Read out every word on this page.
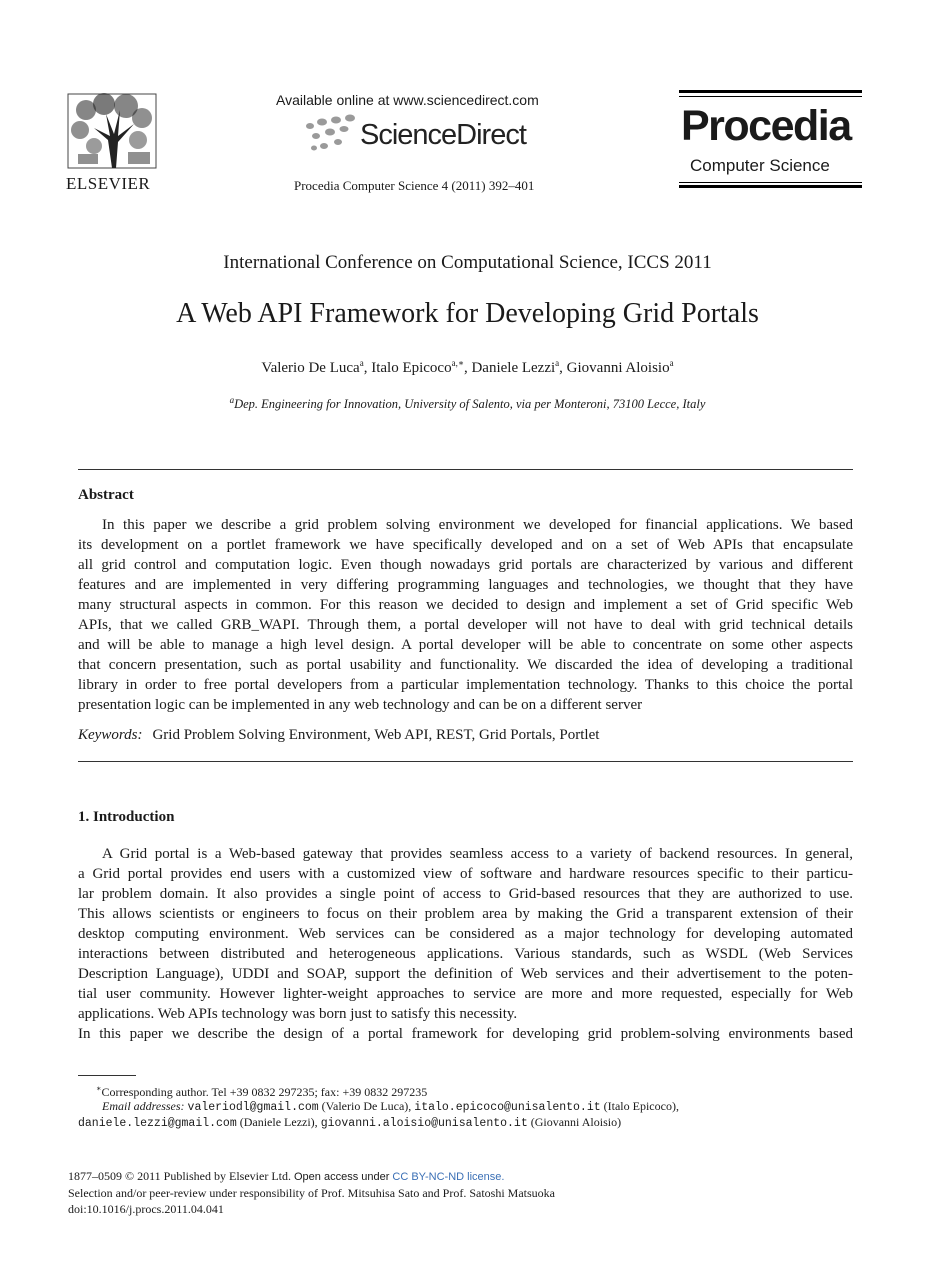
ELSEVIER
Available online at www.sciencedirect.com
ScienceDirect
Procedia Computer Science 4 (2011) 392–401
Procedia
Computer Science
International Conference on Computational Science, ICCS 2011
A Web API Framework for Developing Grid Portals
Valerio De Luca$^a$, Italo Epicoco$^{a,∗}$, Daniele Lezzi$^a$, Giovanni Aloisio$^a$
$^a$Dep. Engineering for Innovation, University of Salento, via per Monteroni, 73100 Lecce, Italy
Abstract
In this paper we describe a grid problem solving environment we developed for financial applications. We based
its development on a portlet framework we have specifically developed and on a set of Web APIs that encapsulate
all grid control and computation logic. Even though nowadays grid portals are characterized by various and different
features and are implemented in very differing programming languages and technologies, we thought that they have
many structural aspects in common. For this reason we decided to design and implement a set of Grid specific Web
APIs, that we called GRB_WAPI. Through them, a portal developer will not have to deal with grid technical details
and will be able to manage a high level design. A portal developer will be able to concentrate on some other aspects
that concern presentation, such as portal usability and functionality. We discarded the idea of developing a traditional
library in order to free portal developers from a particular implementation technology. Thanks to this choice the portal
presentation logic can be implemented in any web technology and can be on a different server
Keywords: Grid Problem Solving Environment, Web API, REST, Grid Portals, Portlet
1. Introduction
A Grid portal is a Web-based gateway that provides seamless access to a variety of backend resources. In general,
a Grid portal provides end users with a customized view of software and hardware resources specific to their particu-
lar problem domain. It also provides a single point of access to Grid-based resources that they are authorized to use.
This allows scientists or engineers to focus on their problem area by making the Grid a transparent extension of their
desktop computing environment. Web services can be considered as a major technology for developing automated
interactions between distributed and heterogeneous applications. Various standards, such as WSDL (Web Services
Description Language), UDDI and SOAP, support the definition of Web services and their advertisement to the poten-
tial user community. However lighter-weight approaches to service are more and more requested, especially for Web
applications. Web APIs technology was born just to satisfy this necessity.
In this paper we describe the design of a portal framework for developing grid problem-solving environments based
∗Corresponding author. Tel +39 0832 297235; fax: +39 0832 297235
Email addresses: valeriodl@gmail.com (Valerio De Luca), italo.epicoco@unisalento.it (Italo Epicoco),
daniele.lezzi@gmail.com (Daniele Lezzi), giovanni.aloisio@unisalento.it (Giovanni Aloisio)
1877–0509 © 2011 Published by Elsevier Ltd. Open access under CC BY-NC-ND license.
Selection and/or peer-review under responsibility of Prof. Mitsuhisa Sato and Prof. Satoshi Matsuoka
doi:10.1016/j.procs.2011.04.041
